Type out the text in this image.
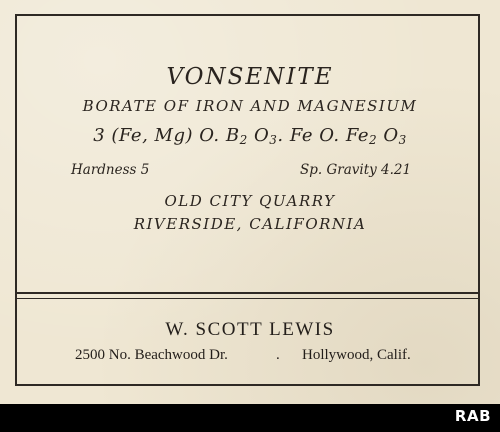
VONSENITE
BORATE OF IRON AND MAGNESIUM
3 (Fe, Mg) O. $B_2$ $O_3$. Fe O. $Fe_2$ $O_3$
Hardness 5	Sp. Gravity 4.21
OLD CITY QUARRY
RIVERSIDE, CALIFORNIA
W. SCOTT LEWIS
2500 No. Beachwood Dr.	. Hollywood, Calif.
RAB
